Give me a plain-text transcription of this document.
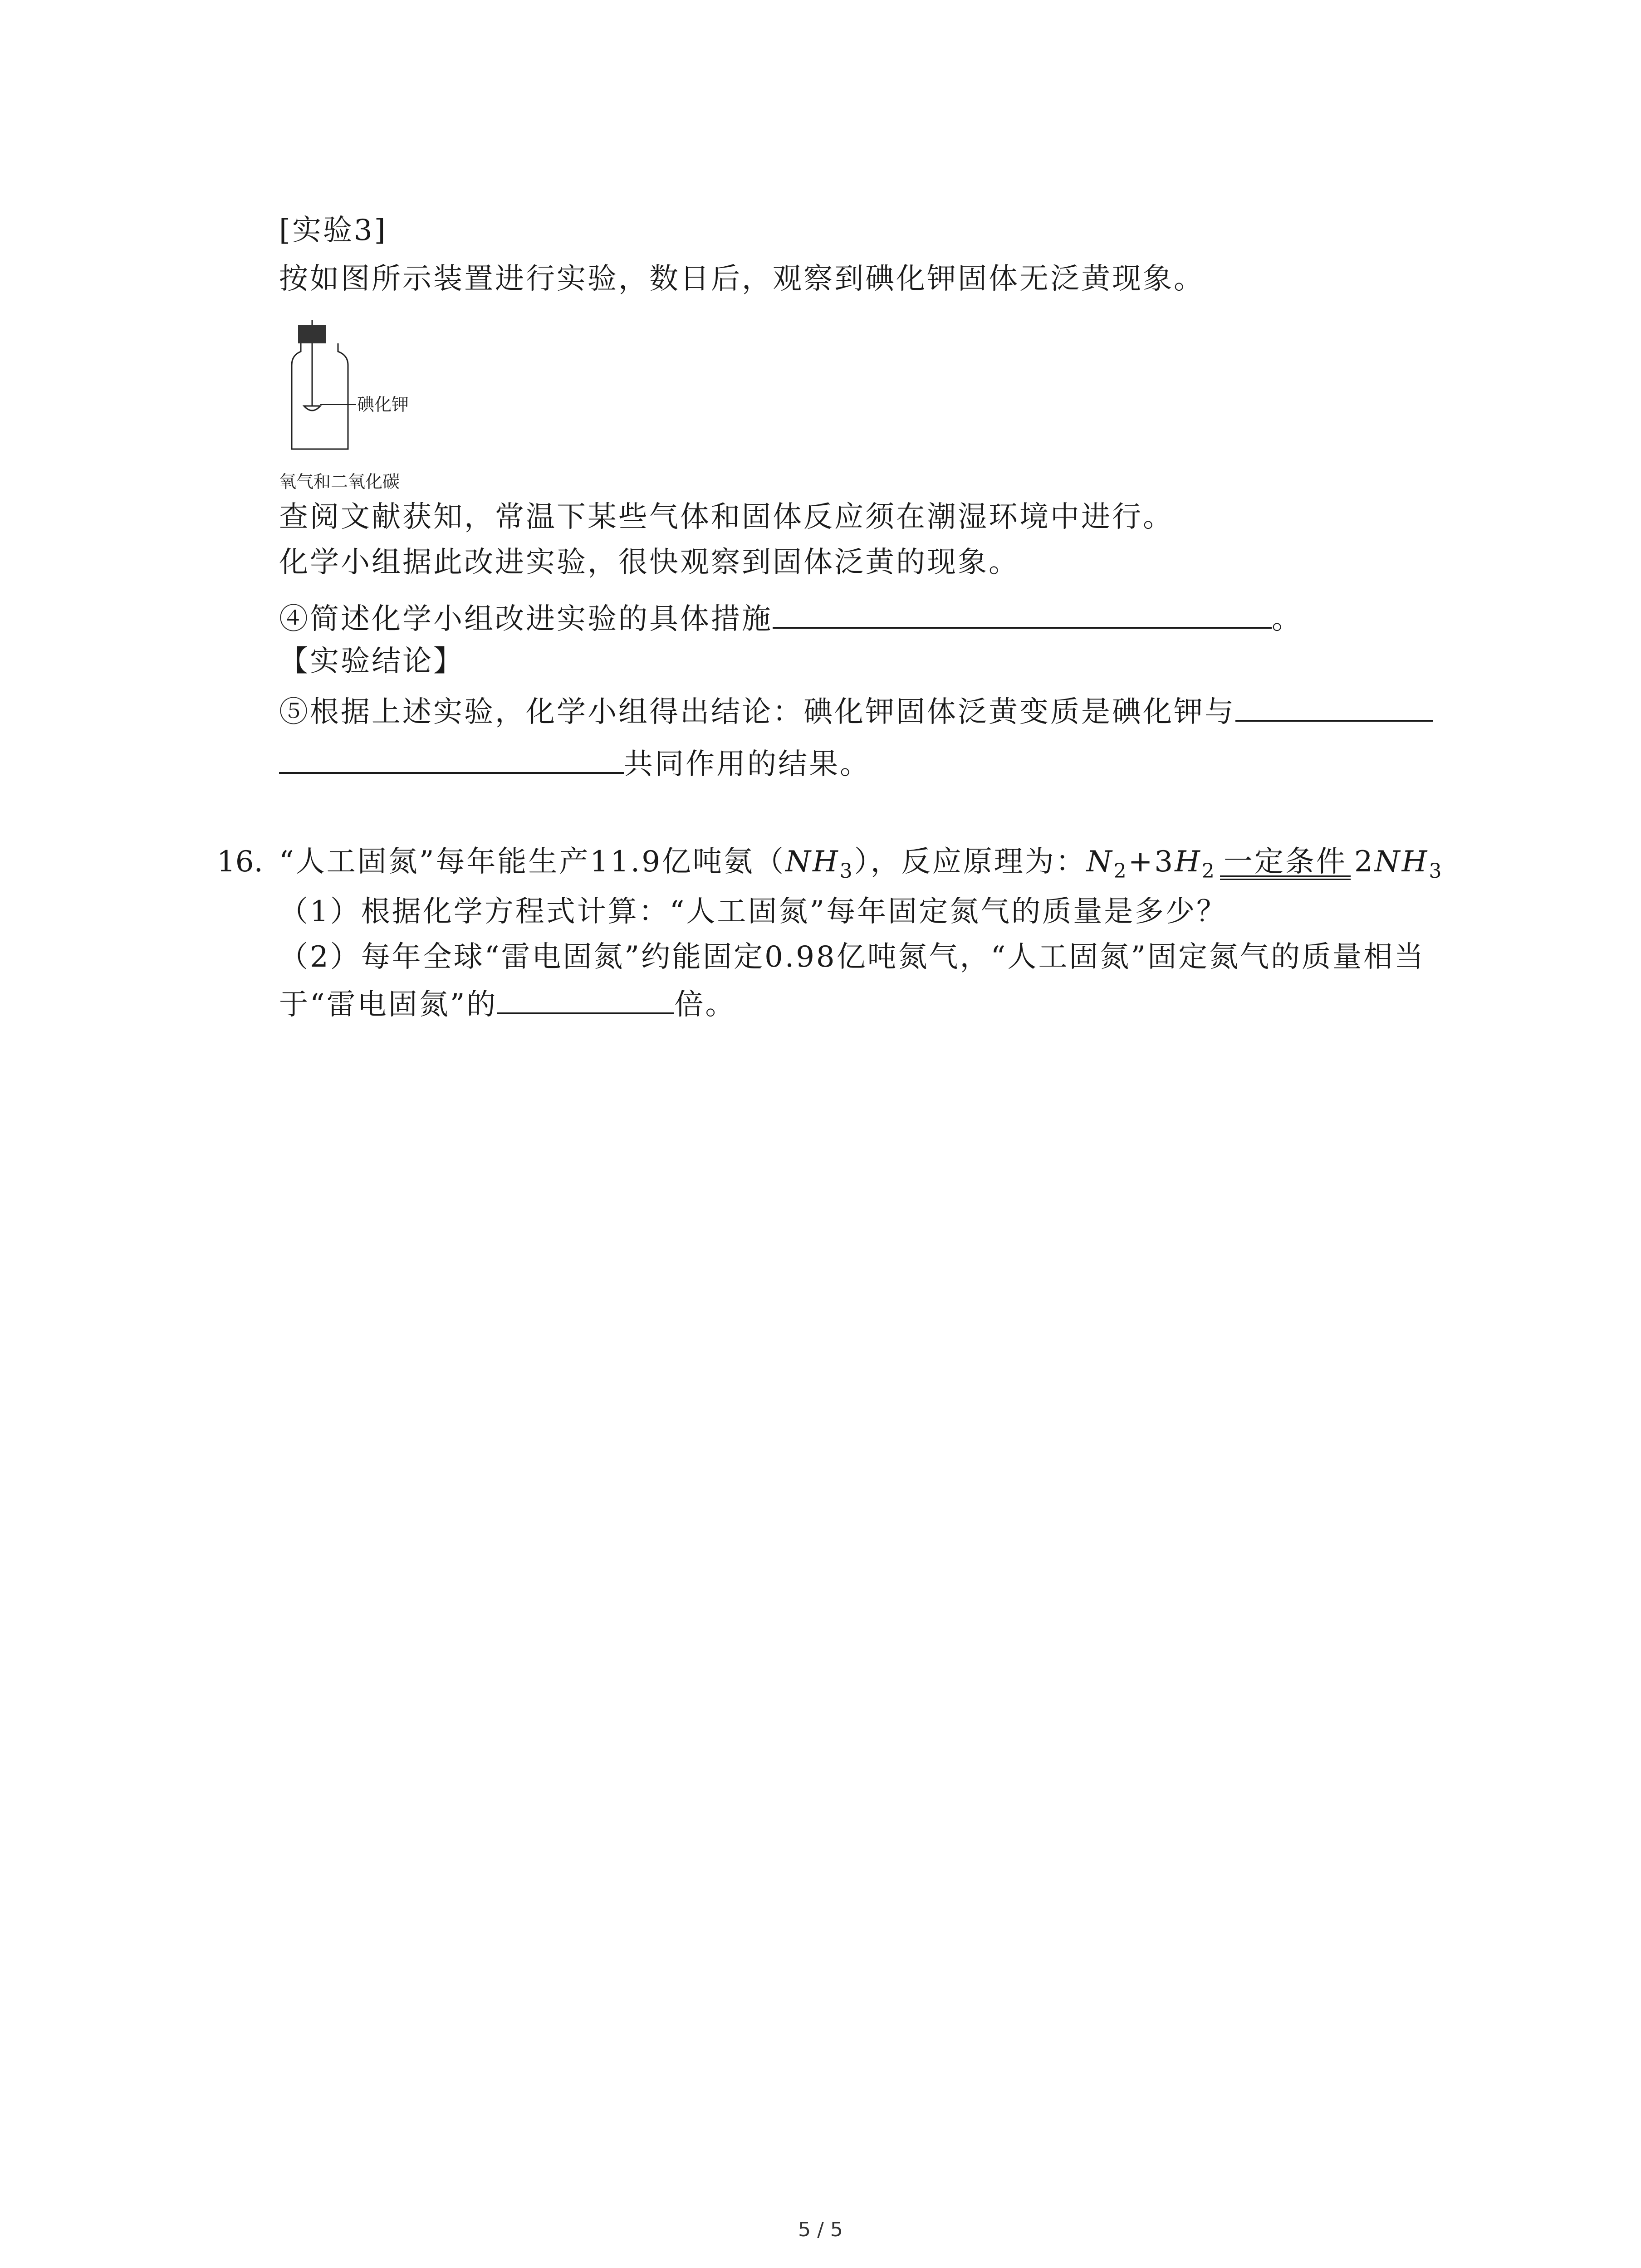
[实验3]
按如图所示装置进行实验，数日后，观察到碘化钾固体无泛黄现象。
碘化钾
氧气和二氧化碳
查阅文献获知，常温下某些气体和固体反应须在潮湿环境中进行。
化学小组据此改进实验，很快观察到固体泛黄的现象。
④简述化学小组改进实验的具体措施	。
【实验结论】
⑤根据上述实验，化学小组得出结论：碘化钾固体泛黄变质是碘化钾与
共同作用的结果。
16. “人工固氮”每年能生产11.9亿吨氨$(NH_3)$，反应原理为：$N_2+3H_2$ 一定条件 $2NH_3$
（1）根据化学方程式计算：“人工固氮”每年固定氮气的质量是多少？
（2）每年全球“雷电固氮”约能固定0.98亿吨氮气，“人工固氮”固定氮气的质量相当
于“雷电固氮”的	倍。
5 / 5
